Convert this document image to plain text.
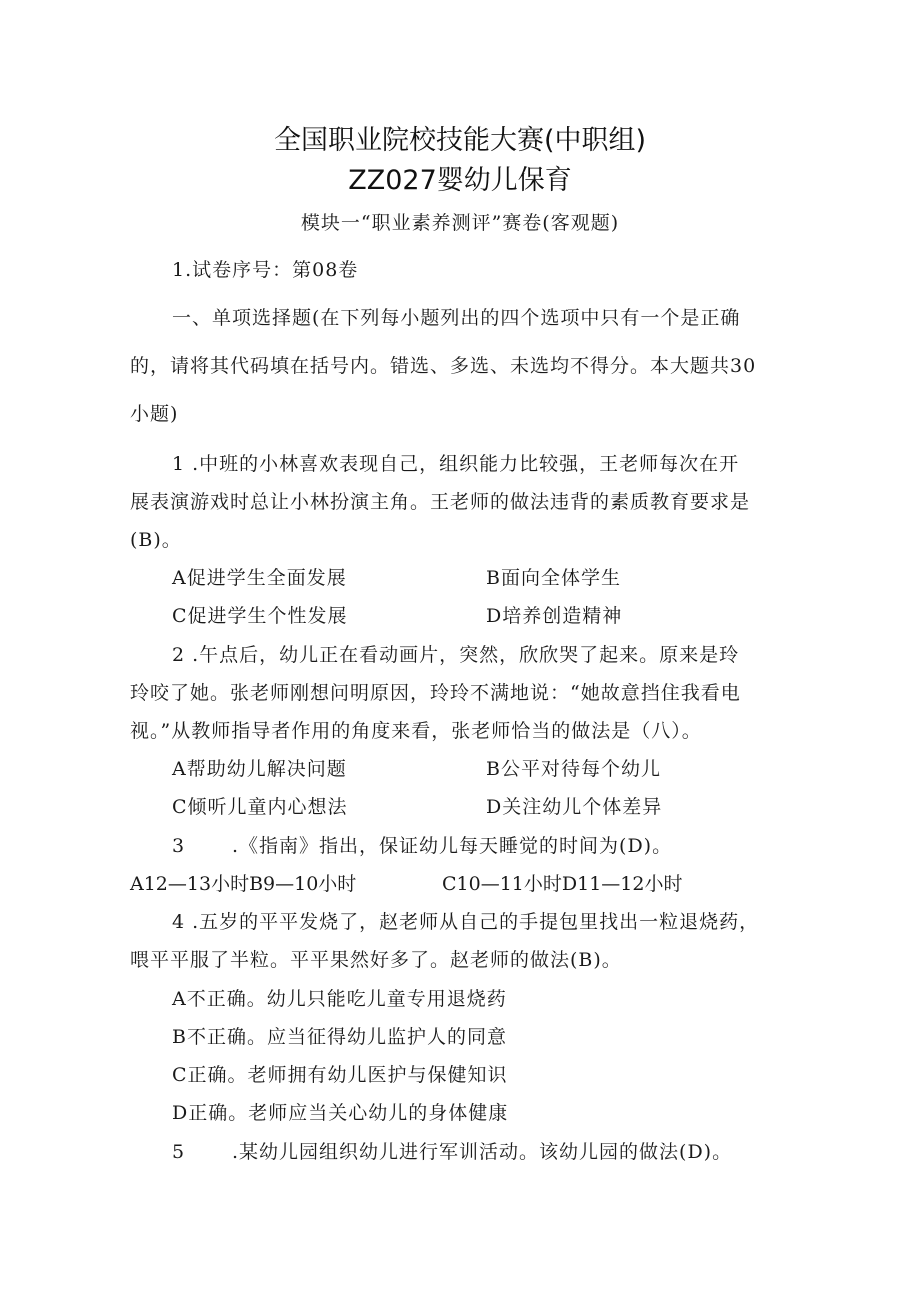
全国职业院校技能大赛(中职组)
ZZ027婴幼儿保育
模块一“职业素养测评”赛卷(客观题)
1.试卷序号：第08卷
一、单项选择题(在下列每小题列出的四个选项中只有一个是正确
的，请将其代码填在括号内。错选、多选、未选均不得分。本大题共30
小题)
1 .中班的小林喜欢表现自己，组织能力比较强，王老师每次在开
展表演游戏时总让小林扮演主角。王老师的做法违背的素质教育要求是
(B)。
A促进学生全面发展	B面向全体学生
C促进学生个性发展	D培养创造精神
2 .午点后，幼儿正在看动画片，突然，欣欣哭了起来。原来是玲
玲咬了她。张老师刚想问明原因，玲玲不满地说：“她故意挡住我看电
视。”从教师指导者作用的角度来看，张老师恰当的做法是（八）。
A帮助幼儿解决问题	B公平对待每个幼儿
C倾听儿童内心想法	D关注幼儿个体差异
3 .《指南》指出，保证幼儿每天睡觉的时间为(D)。
A12—13小时B9—10小时	C10—11小时D11—12小时
4 .五岁的平平发烧了，赵老师从自己的手提包里找出一粒退烧药，
喂平平服了半粒。平平果然好多了。赵老师的做法(B)。
A不正确。幼儿只能吃儿童专用退烧药
B不正确。应当征得幼儿监护人的同意
C正确。老师拥有幼儿医护与保健知识
D正确。老师应当关心幼儿的身体健康
5 .某幼儿园组织幼儿进行军训活动。该幼儿园的做法(D)。
